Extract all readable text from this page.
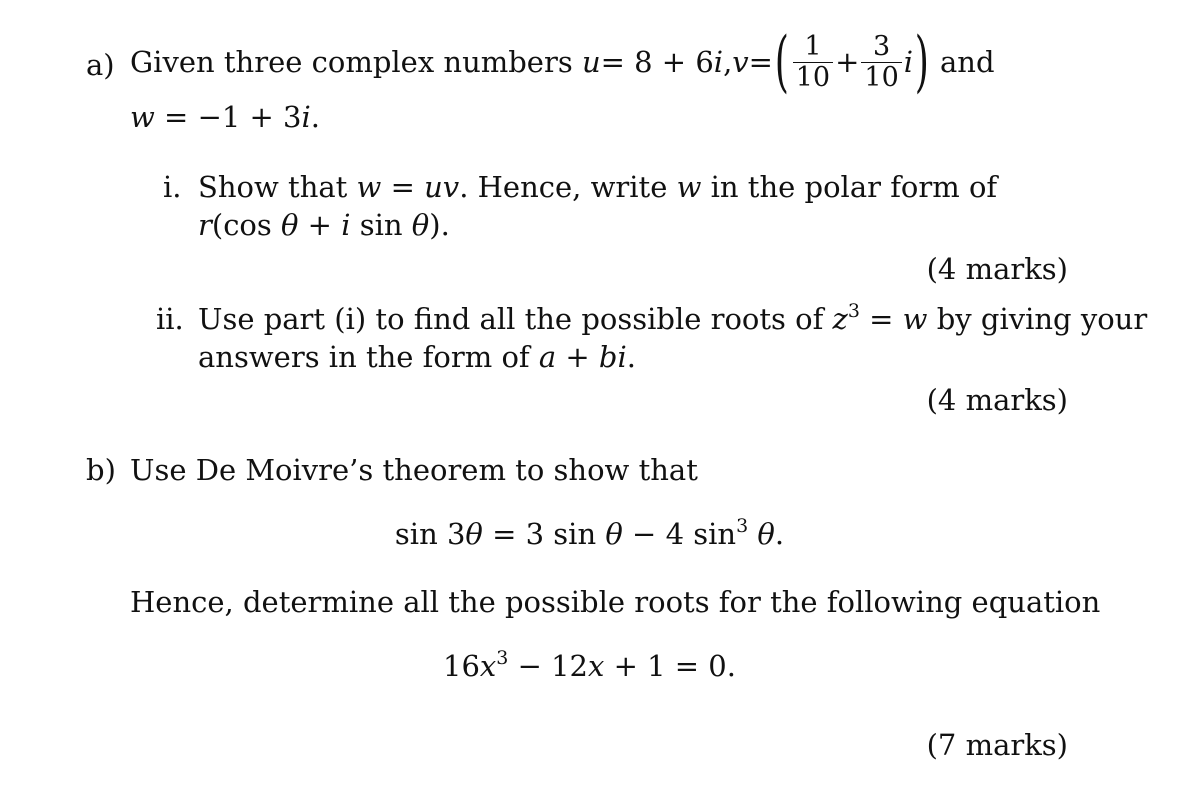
a) Given three complex numbers
u = 8 + 6 i , v = ( $\frac{1}{10} + \frac{3}{10}$ i )
and
w = −1 + 3i.
i. Show that w = uv. Hence, write w in the polar form of
r(cos θ + i sin θ).
(4 marks)
ii. Use part (i) to find all the possible roots of $z^3 = w$ by giving your
answers in the form of a + bi.
(4 marks)
b) Use De Moivre’s theorem to show that
sin 3θ = 3 sin θ − 4 $\sin^3 \theta$.
Hence, determine all the possible roots for the following equation
$16x^3 - 12x + 1 = 0$.
(7 marks)
